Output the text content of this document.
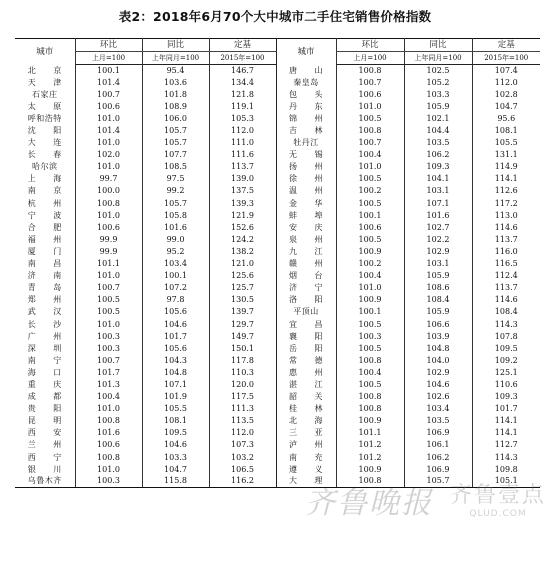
表2：2018年6月70个大中城市二手住宅销售价格指数
城市	环比	同比	定基	城市	环比	同比	定基
	上月=100	上年同月=100	2015年=100		上月=100	上年同月=100	2015年=100
北　　京	100.1	95.4	146.7	唐　　山	100.8	102.5	107.4
天　　津	101.4	103.6	134.4	秦皇岛	100.7	105.2	112.0
石家庄	100.7	101.8	121.8	包　　头	100.6	103.3	102.8
太　　原	100.6	108.9	119.1	丹　　东	101.0	105.9	104.7
呼和浩特	101.0	106.0	105.3	锦　　州	100.5	102.1	95.6
沈　　阳	101.4	105.7	112.0	吉　　林	100.8	104.4	108.1
大　　连	101.0	105.7	111.0	牡丹江	100.7	103.5	105.5
长　　春	102.0	107.7	111.6	无　　锡	100.4	106.2	131.1
哈尔滨	101.0	108.5	113.7	扬　　州	101.0	109.3	114.9
上　　海	99.7	97.5	139.0	徐　　州	100.5	104.1	114.1
南　　京	100.0	99.2	137.5	温　　州	100.2	103.1	112.6
杭　　州	100.8	105.7	139.3	金　　华	100.5	107.1	117.2
宁　　波	101.0	105.8	121.9	蚌　　埠	100.1	101.6	113.0
合　　肥	100.6	101.6	152.6	安　　庆	100.6	102.7	114.6
福　　州	99.9	99.0	124.2	泉　　州	100.5	102.2	113.7
厦　　门	99.9	95.2	138.2	九　　江	100.9	102.9	116.0
南　　昌	101.1	103.4	121.0	赣　　州	100.2	103.1	116.5
济　　南	101.0	100.1	125.6	烟　　台	100.4	105.9	112.4
青　　岛	100.7	107.2	125.7	济　　宁	101.0	108.6	113.7
郑　　州	100.5	97.8	130.5	洛　　阳	100.9	108.4	114.6
武　　汉	100.5	105.6	139.7	平顶山	100.1	105.9	108.4
长　　沙	101.0	104.6	129.7	宜　　昌	100.5	106.6	114.3
广　　州	100.3	101.7	149.7	襄　　阳	100.3	103.9	107.8
深　　圳	100.3	105.6	150.1	岳　　阳	100.5	104.8	109.5
南　　宁	100.7	104.3	117.8	常　　德	100.8	104.0	109.2
海　　口	101.7	104.8	110.3	惠　　州	100.4	102.9	125.1
重　　庆	101.3	107.1	120.0	湛　　江	100.5	104.6	110.6
成　　都	100.4	101.9	117.5	韶　　关	100.8	102.6	109.3
贵　　阳	101.0	105.5	111.3	桂　　林	100.8	103.4	101.7
昆　　明	100.8	108.1	113.5	北　　海	100.9	103.5	114.1
西　　安	101.6	109.5	112.0	三　　亚	101.1	106.9	114.1
兰　　州	100.6	104.6	107.3	泸　　州	101.2	106.1	112.7
西　　宁	100.8	103.3	103.2	南　　充	101.2	106.2	114.3
银　　川	101.0	104.7	106.5	遵　　义	100.9	106.9	109.8
乌鲁木齐	100.3	115.8	116.2	大　　理	100.8	105.7	105.1
齐鲁晚报 齐鲁壹点
QLUD.COM
